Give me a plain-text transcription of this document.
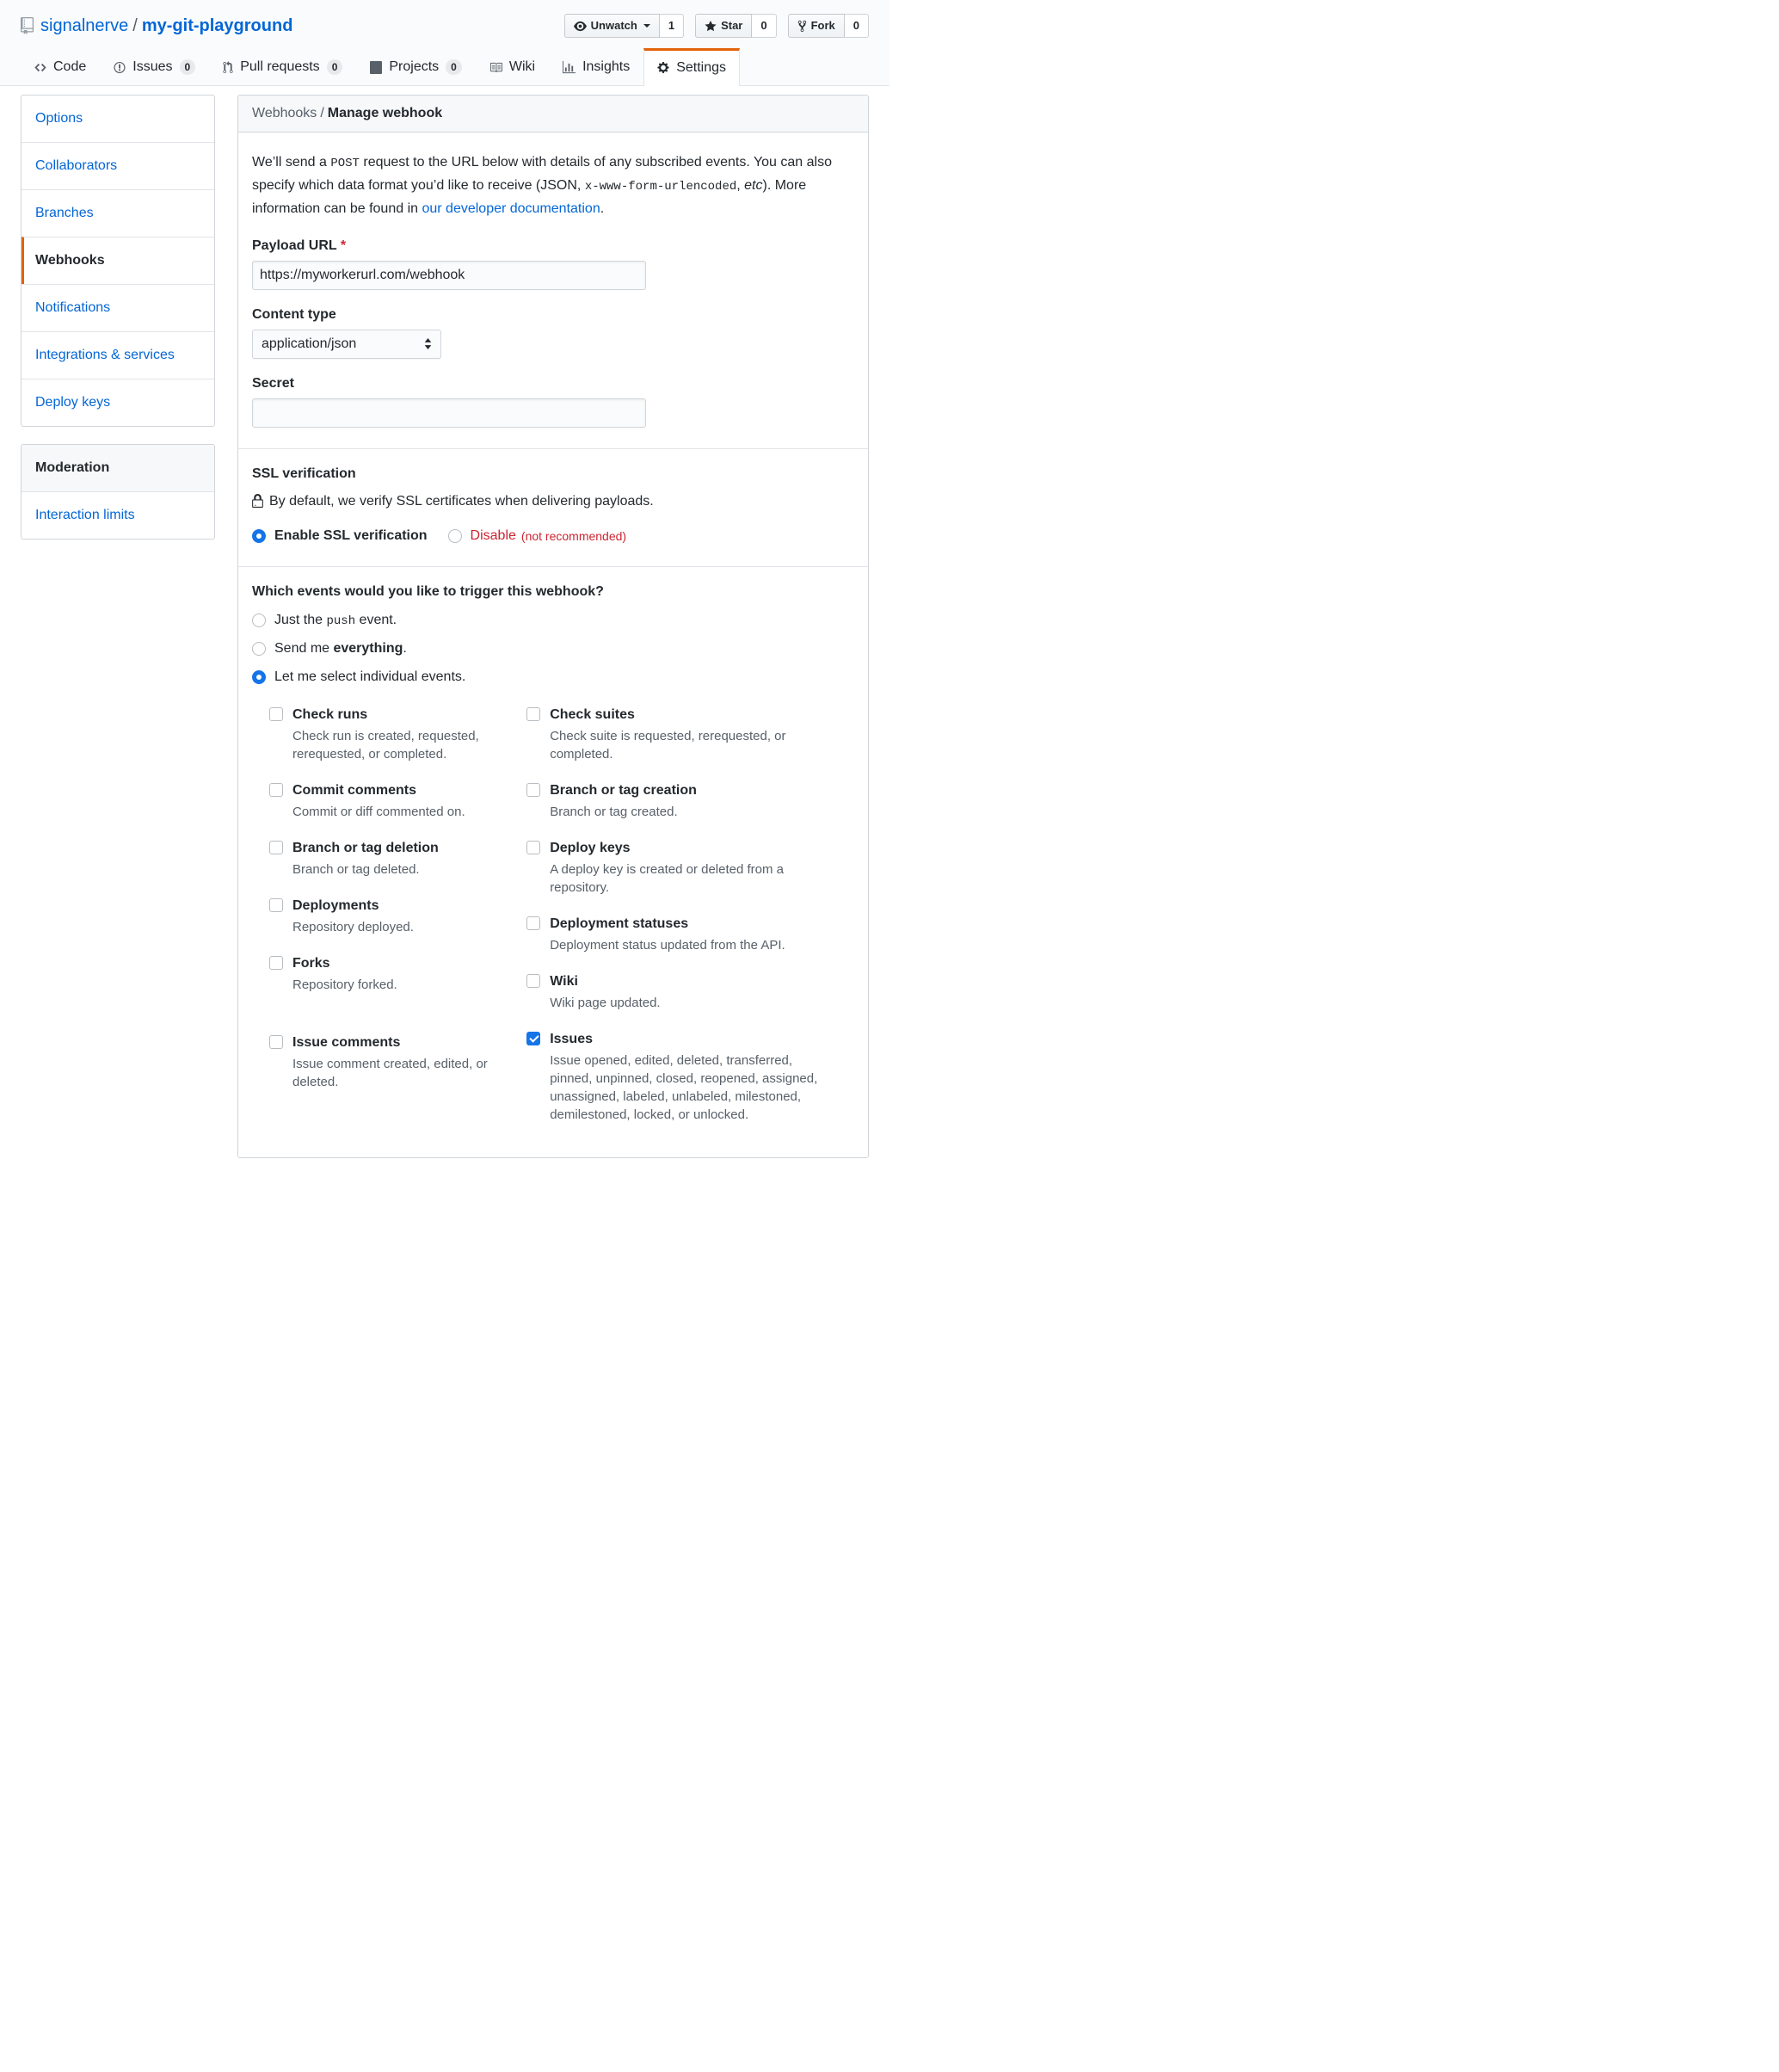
signalnerve / my-git-playground	Unwatch	1	Star	0	Fork	0
Code	Issues	0	Pull requests	0	Projects	0	Wiki	Insights	Settings
Options
Collaborators
Branches
Webhooks
Notifications
Integrations & services
Deploy keys
Moderation
Interaction limits
Webhooks / Manage webhook

We’ll send a POST request to the URL below with details of any subscribed events. You can also specify which data format you’d like to receive (JSON, x-www-form-urlencoded, etc). More information can be found in our developer documentation.

Payload URL *
https://myworkerurl.com/webhook
Content type
application/json
Secret
SSL verification

By default, we verify SSL certificates when delivering payloads.

Enable SSL verification	Disable (not recommended)
Which events would you like to trigger this webhook?
Just the push event.
Send me everything.
Let me select individual events.
Check runs
Check run is created, requested, rerequested, or completed.
Commit comments
Commit or diff commented on.
Branch or tag deletion
Branch or tag deleted.
Deployments
Repository deployed.
Forks
Repository forked.
Issue comments
Issue comment created, edited, or deleted.
Check suites
Check suite is requested, rerequested, or completed.
Branch or tag creation
Branch or tag created.
Deploy keys
A deploy key is created or deleted from a repository.
Deployment statuses
Deployment status updated from the API.
Wiki
Wiki page updated.
Issues
Issue opened, edited, deleted, transferred, pinned, unpinned, closed, reopened, assigned, unassigned, labeled, unlabeled, milestoned, demilestoned, locked, or unlocked.
